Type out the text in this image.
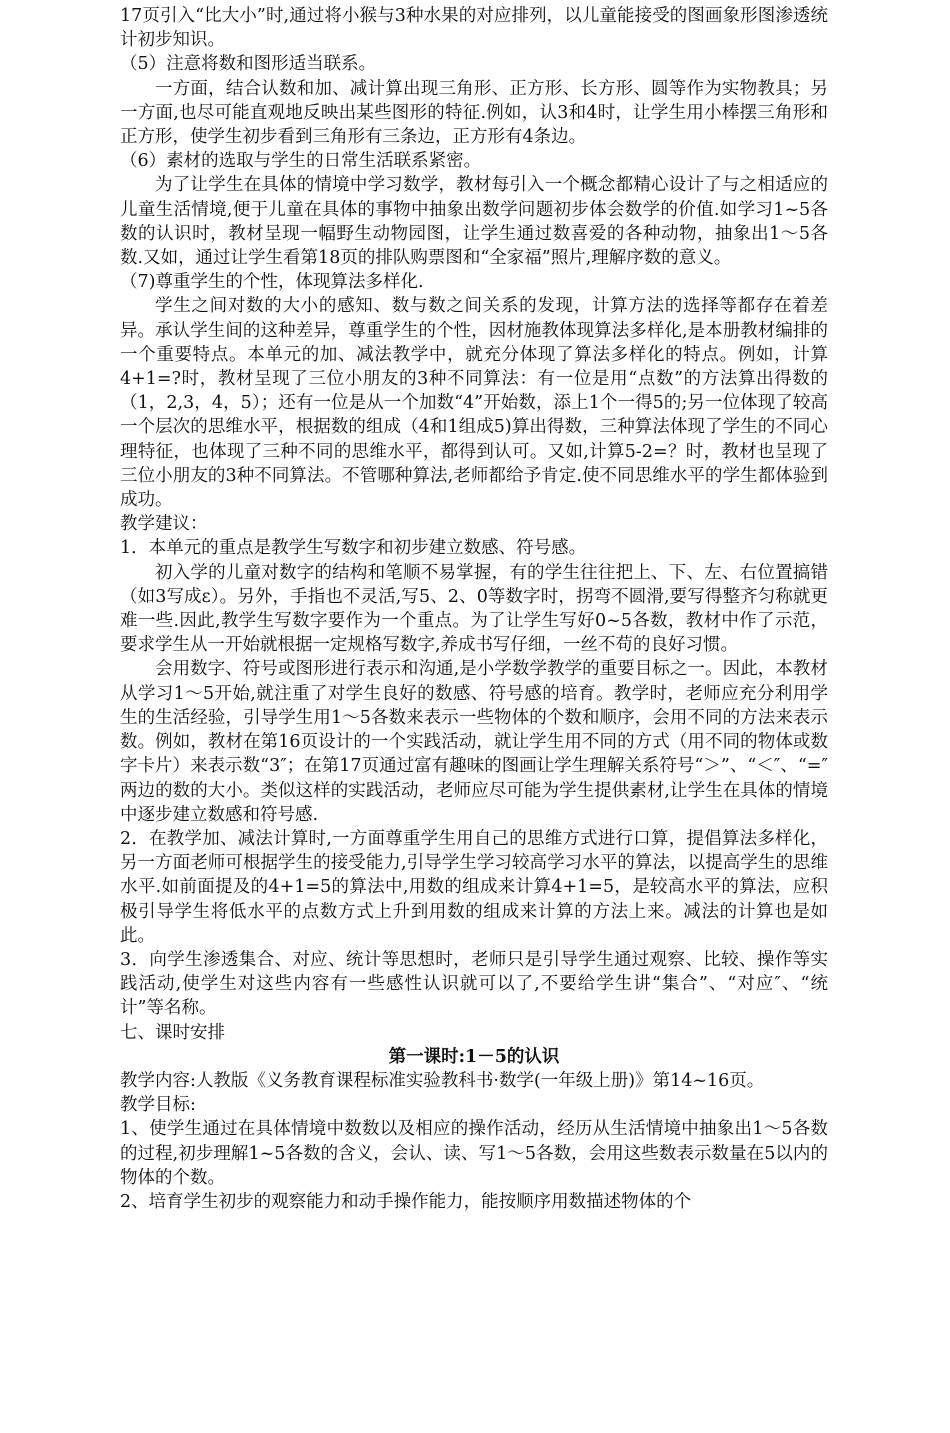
17页引入“比大小”时,通过将小猴与3种水果的对应排列，以儿童能接受的图画象形图渗透统计初步知识。

（5）注意将数和图形适当联系。

一方面，结合认数和加、减计算出现三角形、正方形、长方形、圆等作为实物教具；另一方面,也尽可能直观地反映出某些图形的特征.例如，认3和4时，让学生用小棒摆三角形和正方形，使学生初步看到三角形有三条边，正方形有4条边。

（6）素材的选取与学生的日常生活联系紧密。

为了让学生在具体的情境中学习数学，教材每引入一个概念都精心设计了与之相适应的儿童生活情境,便于儿童在具体的事物中抽象出数学问题初步体会数学的价值.如学习1~5各数的认识时，教材呈现一幅野生动物园图，让学生通过数喜爱的各种动物，抽象出1～5各数.又如，通过让学生看第18页的排队购票图和“全家福”照片,理解序数的意义。

（7)尊重学生的个性，体现算法多样化.

学生之间对数的大小的感知、数与数之间关系的发现，计算方法的选择等都存在着差异。承认学生间的这种差异，尊重学生的个性，因材施教体现算法多样化,是本册教材编排的一个重要特点。本单元的加、减法教学中，就充分体现了算法多样化的特点。例如，计算4+1=?时，教材呈现了三位小朋友的3种不同算法：有一位是用“点数”的方法算出得数的（1，2,3，4，5）；还有一位是从一个加数“4”开始数，添上1个一得5的;另一位体现了较高一个层次的思维水平，根据数的组成（4和1组成5)算出得数，三种算法体现了学生的不同心理特征，也体现了三种不同的思维水平，都得到认可。又如,计算5-2=？时，教材也呈现了三位小朋友的3种不同算法。不管哪种算法,老师都给予肯定.使不同思维水平的学生都体验到成功。

教学建议：

1．本单元的重点是教学生写数字和初步建立数感、符号感。

初入学的儿童对数字的结构和笔顺不易掌握，有的学生往往把上、下、左、右位置搞错（如3写成ε）。另外，手指也不灵活,写5、2、0等数字时，拐弯不圆滑,要写得整齐匀称就更难一些.因此,教学生写数字要作为一个重点。为了让学生写好0~5各数，教材中作了示范，要求学生从一开始就根据一定规格写数字,养成书写仔细，一丝不苟的良好习惯。

会用数字、符号或图形进行表示和沟通,是小学数学教学的重要目标之一。因此，本教材从学习1～5开始,就注重了对学生良好的数感、符号感的培育。教学时，老师应充分利用学生的生活经验，引导学生用1～5各数来表示一些物体的个数和顺序，会用不同的方法来表示数。例如，教材在第16页设计的一个实践活动，就让学生用不同的方式（用不同的物体或数字卡片）来表示数“3″；在第17页通过富有趣味的图画让学生理解关系符号“＞”、“＜″、“=″两边的数的大小。类似这样的实践活动，老师应尽可能为学生提供素材,让学生在具体的情境中逐步建立数感和符号感.

2．在教学加、减法计算时,一方面尊重学生用自己的思维方式进行口算，提倡算法多样化，另一方面老师可根据学生的接受能力,引导学生学习较高学习水平的算法，以提高学生的思维水平.如前面提及的4+1=5的算法中,用数的组成来计算4+1=5，是较高水平的算法，应积极引导学生将低水平的点数方式上升到用数的组成来计算的方法上来。减法的计算也是如此。

3．向学生渗透集合、对应、统计等思想时，老师只是引导学生通过观察、比较、操作等实践活动,使学生对这些内容有一些感性认识就可以了,不要给学生讲“集合”、“对应″、“统计”等名称。

七、课时安排

第一课时:1－5的认识

教学内容:人教版《义务教育课程标准实验教科书·数学(一年级上册)》第14~16页。

教学目标:

1、使学生通过在具体情境中数数以及相应的操作活动，经历从生活情境中抽象出1～5各数的过程,初步理解1~5各数的含义，会认、读、写1～5各数，会用这些数表示数量在5以内的物体的个数。

2、培育学生初步的观察能力和动手操作能力，能按顺序用数描述物体的个
